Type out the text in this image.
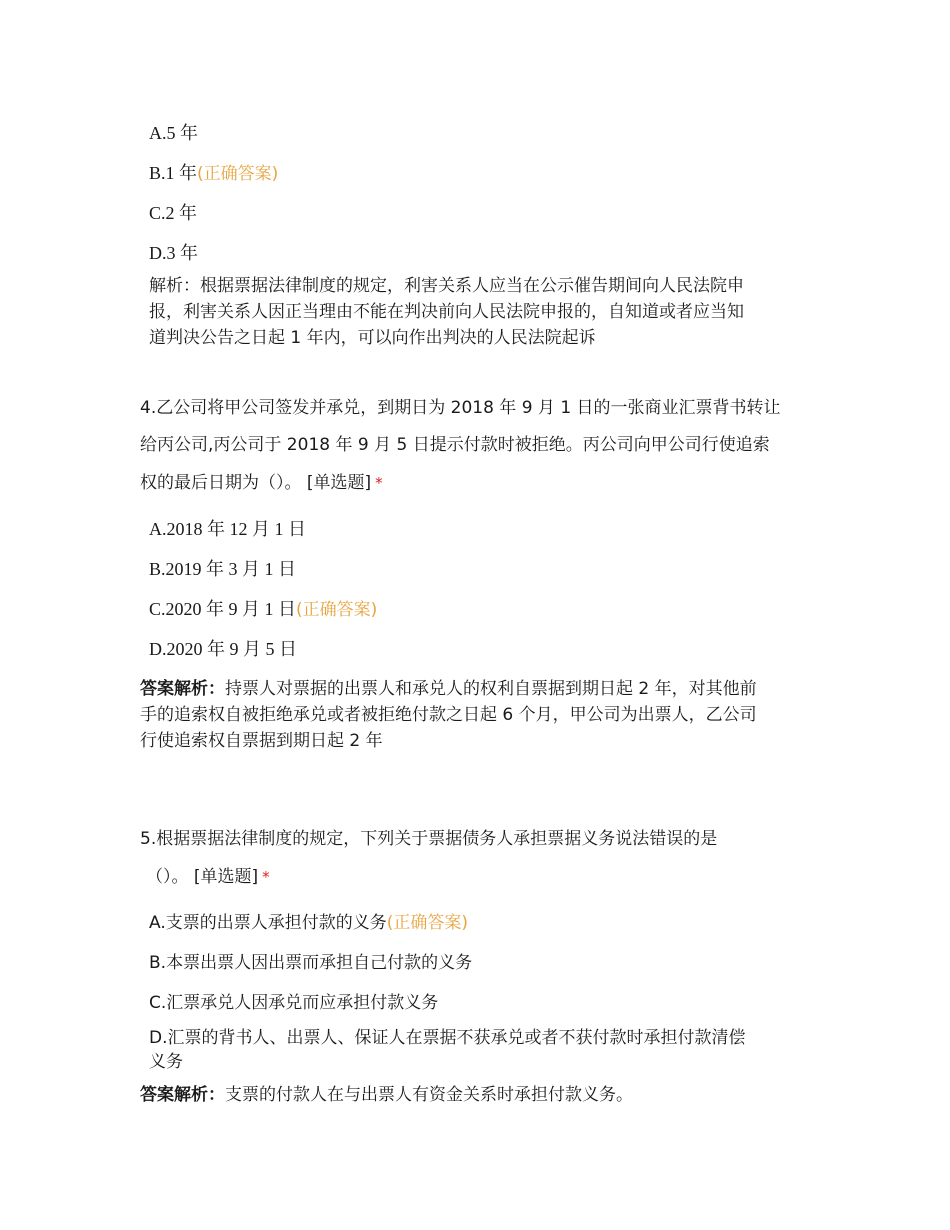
A.5 年
B.1 年(正确答案)
C.2 年
D.3 年
解析：根据票据法律制度的规定，利害关系人应当在公示催告期间向人民法院申
报，利害关系人因正当理由不能在判决前向人民法院申报的，自知道或者应当知
道判决公告之日起 1 年内，可以向作出判决的人民法院起诉
4.乙公司将甲公司签发并承兑，到期日为 2018 年 9 月 1 日的一张商业汇票背书转让
给丙公司,丙公司于 2018 年 9 月 5 日提示付款时被拒绝。丙公司向甲公司行使追索
权的最后日期为（）。 [单选题] *
A.2018 年 12 月 1 日
B.2019 年 3 月 1 日
C.2020 年 9 月 1 日(正确答案)
D.2020 年 9 月 5 日
答案解析：持票人对票据的出票人和承兑人的权利自票据到期日起 2 年，对其他前
手的追索权自被拒绝承兑或者被拒绝付款之日起 6 个月，甲公司为出票人，乙公司
行使追索权自票据到期日起 2 年
5.根据票据法律制度的规定，下列关于票据债务人承担票据义务说法错误的是
（）。 [单选题] *
A.支票的出票人承担付款的义务(正确答案)
B.本票出票人因出票而承担自己付款的义务
C.汇票承兑人因承兑而应承担付款义务
D.汇票的背书人、出票人、保证人在票据不获承兑或者不获付款时承担付款清偿
义务
答案解析：支票的付款人在与出票人有资金关系时承担付款义务。
